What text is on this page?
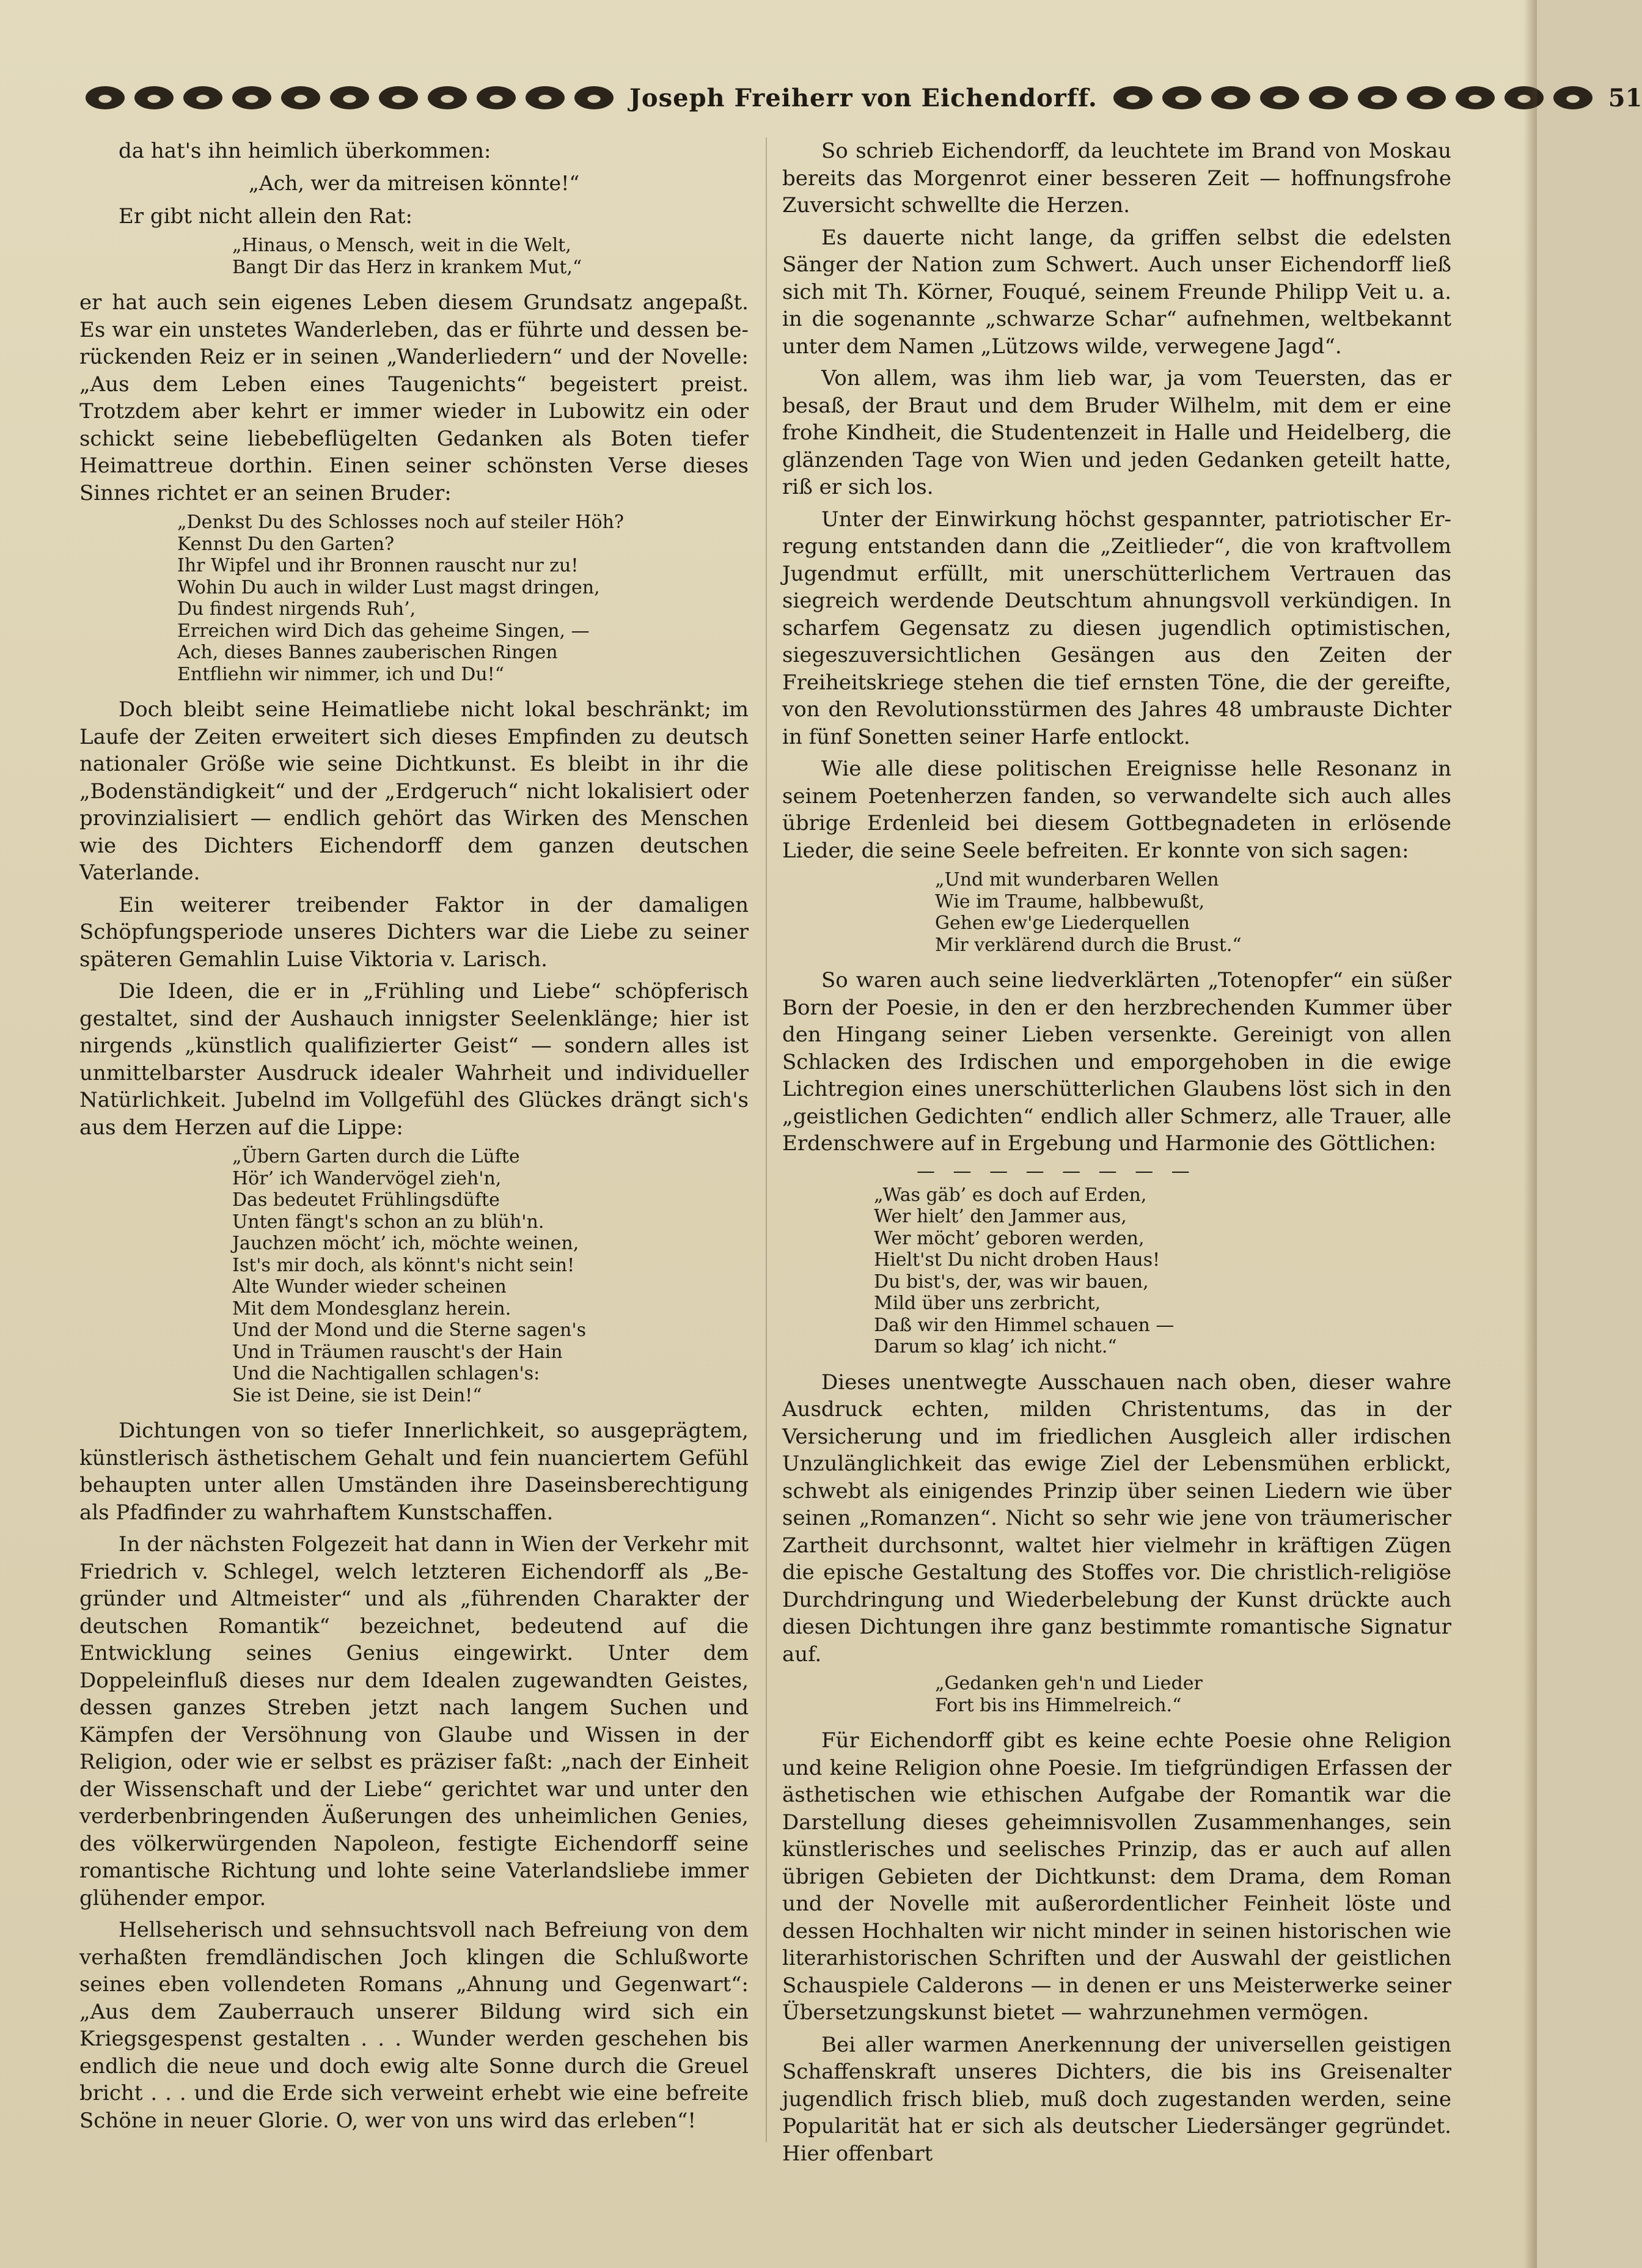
Joseph Freiherr von Eichendorff.	51

da hat's ihn heimlich überkommen:

„Ach, wer da mitreisen könnte!“

Er gibt nicht allein den Rat:

„Hinaus, o Mensch, weit in die Welt,
Bangt Dir das Herz in krankem Mut,“

er hat auch sein eigenes Leben diesem Grundsatz angepaßt. Es war ein unstetes Wanderleben, das er führte und dessen berückenden Reiz er in seinen „Wanderliedern“ und der Novelle: „Aus dem Leben eines Taugenichts“ begeistert preist. Trotzdem aber kehrt er immer wieder in Lubowitz ein oder schickt seine liebebeflügelten Gedanken als Boten tiefer Heimattreue dorthin. Einen seiner schönsten Verse dieses Sinnes richtet er an seinen Bruder:

„Denkst Du des Schlosses noch auf steiler Höh?
Kennst Du den Garten?
Ihr Wipfel und ihr Bronnen rauscht nur zu!
Wohin Du auch in wilder Lust magst dringen,
Du findest nirgends Ruh’,
Erreichen wird Dich das geheime Singen, —
Ach, dieses Bannes zauberischen Ringen
Entfliehn wir nimmer, ich und Du!“

Doch bleibt seine Heimatliebe nicht lokal beschränkt; im Laufe der Zeiten erweitert sich dieses Empfinden zu deutsch nationaler Größe wie seine Dichtkunst. Es bleibt in ihr die „Bodenständigkeit“ und der „Erdgeruch“ nicht lokalisiert oder provinzialisiert — endlich gehört das Wirken des Menschen wie des Dichters Eichendorff dem ganzen deutschen Vaterlande.

Ein weiterer treibender Faktor in der damaligen Schöpfungsperiode unseres Dichters war die Liebe zu seiner späteren Gemahlin Luise Viktoria v. Larisch.

Die Ideen, die er in „Frühling und Liebe“ schöpferisch gestaltet, sind der Aushauch innigster Seelenklänge; hier ist nirgends „künstlich qualifizierter Geist“ — sondern alles ist unmittelbarster Ausdruck idealer Wahrheit und individueller Natürlichkeit. Jubelnd im Vollgefühl des Glückes drängt sich's aus dem Herzen auf die Lippe:

„Übern Garten durch die Lüfte
Hör’ ich Wandervögel zieh'n,
Das bedeutet Frühlingsdüfte
Unten fängt's schon an zu blüh'n.
Jauchzen möcht’ ich, möchte weinen,
Ist's mir doch, als könnt's nicht sein!
Alte Wunder wieder scheinen
Mit dem Mondesglanz herein.
Und der Mond und die Sterne sagen's
Und in Träumen rauscht's der Hain
Und die Nachtigallen schlagen's:
Sie ist Deine, sie ist Dein!“

Dichtungen von so tiefer Innerlichkeit, so ausgeprägtem, künstlerisch ästhetischem Gehalt und fein nuanciertem Gefühl behaupten unter allen Umständen ihre Daseinsberechtigung als Pfadfinder zu wahrhaftem Kunstschaffen.

In der nächsten Folgezeit hat dann in Wien der Verkehr mit Friedrich v. Schlegel, welch letzteren Eichendorff als „Begründer und Altmeister“ und als „führenden Charakter der deutschen Romantik“ bezeichnet, bedeutend auf die Entwicklung seines Genius eingewirkt. Unter dem Doppeleinfluß dieses nur dem Idealen zugewandten Geistes, dessen ganzes Streben jetzt nach langem Suchen und Kämpfen der Versöhnung von Glaube und Wissen in der Religion, oder wie er selbst es präziser faßt: „nach der Einheit der Wissenschaft und der Liebe“ gerichtet war und unter den verderbenbringenden Äußerungen des unheimlichen Genies, des völkerwürgenden Napoleon, festigte Eichendorff seine romantische Richtung und lohte seine Vaterlandsliebe immer glühender empor.

Hellseherisch und sehnsuchtsvoll nach Befreiung von dem verhaßten fremdländischen Joch klingen die Schlußworte seines eben vollendeten Romans „Ahnung und Gegenwart“: „Aus dem Zauberrauch unserer Bildung wird sich ein Kriegsgespenst gestalten . . . Wunder werden geschehen bis endlich die neue und doch ewig alte Sonne durch die Greuel bricht . . . und die Erde sich verweint erhebt wie eine befreite Schöne in neuer Glorie. O, wer von uns wird das erleben“!

So schrieb Eichendorff, da leuchtete im Brand von Moskau bereits das Morgenrot einer besseren Zeit — hoffnungsfrohe Zuversicht schwellte die Herzen.

Es dauerte nicht lange, da griffen selbst die edelsten Sänger der Nation zum Schwert. Auch unser Eichendorff ließ sich mit Th. Körner, Fouqué, seinem Freunde Philipp Veit u. a. in die sogenannte „schwarze Schar“ aufnehmen, weltbekannt unter dem Namen „Lützows wilde, verwegene Jagd“.

Von allem, was ihm lieb war, ja vom Teuersten, das er besaß, der Braut und dem Bruder Wilhelm, mit dem er eine frohe Kindheit, die Studentenzeit in Halle und Heidelberg, die glänzenden Tage von Wien und jeden Gedanken geteilt hatte, riß er sich los.

Unter der Einwirkung höchst gespannter, patriotischer Erregung entstanden dann die „Zeitlieder“, die von kraftvollem Jugendmut erfüllt, mit unerschütterlichem Vertrauen das siegreich werdende Deutschtum ahnungsvoll verkündigen. In scharfem Gegensatz zu diesen jugendlich optimistischen, siegeszuversichtlichen Gesängen aus den Zeiten der Freiheitskriege stehen die tief ernsten Töne, die der gereifte, von den Revolutionsstürmen des Jahres 48 umbrauste Dichter in fünf Sonetten seiner Harfe entlockt.

Wie alle diese politischen Ereignisse helle Resonanz in seinem Poetenherzen fanden, so verwandelte sich auch alles übrige Erdenleid bei diesem Gottbegnadeten in erlösende Lieder, die seine Seele befreiten. Er konnte von sich sagen:

„Und mit wunderbaren Wellen
Wie im Traume, halbbewußt,
Gehen ew'ge Liederquellen
Mir verklärend durch die Brust.“

So waren auch seine liedverklärten „Totenopfer“ ein süßer Born der Poesie, in den er den herzbrechenden Kummer über den Hingang seiner Lieben versenkte. Gereinigt von allen Schlacken des Irdischen und emporgehoben in die ewige Lichtregion eines unerschütterlichen Glaubens löst sich in den „geistlichen Gedichten“ endlich aller Schmerz, alle Trauer, alle Erdenschwere auf in Ergebung und Harmonie des Göttlichen:

— — — — — — — —
„Was gäb’ es doch auf Erden,
Wer hielt’ den Jammer aus,
Wer möcht’ geboren werden,
Hielt'st Du nicht droben Haus!
Du bist's, der, was wir bauen,
Mild über uns zerbricht,
Daß wir den Himmel schauen —
Darum so klag’ ich nicht.“

Dieses unentwegte Ausschauen nach oben, dieser wahre Ausdruck echten, milden Christentums, das in der Versicherung und im friedlichen Ausgleich aller irdischen Unzulänglichkeit das ewige Ziel der Lebensmühen erblickt, schwebt als einigendes Prinzip über seinen Liedern wie über seinen „Romanzen“. Nicht so sehr wie jene von träumerischer Zartheit durchsonnt, waltet hier vielmehr in kräftigen Zügen die epische Gestaltung des Stoffes vor. Die christlich-religiöse Durchdringung und Wiederbelebung der Kunst drückte auch diesen Dichtungen ihre ganz bestimmte romantische Signatur auf.

„Gedanken geh'n und Lieder
Fort bis ins Himmelreich.“

Für Eichendorff gibt es keine echte Poesie ohne Religion und keine Religion ohne Poesie. Im tiefgründigen Erfassen der ästhetischen wie ethischen Aufgabe der Romantik war die Darstellung dieses geheimnisvollen Zusammenhanges, sein künstlerisches und seelisches Prinzip, das er auch auf allen übrigen Gebieten der Dichtkunst: dem Drama, dem Roman und der Novelle mit außerordentlicher Feinheit löste und dessen Hochhalten wir nicht minder in seinen historischen wie literarhistorischen Schriften und der Auswahl der geistlichen Schauspiele Calderons — in denen er uns Meisterwerke seiner Übersetzungskunst bietet — wahrzunehmen vermögen.

Bei aller warmen Anerkennung der universellen geistigen Schaffenskraft unseres Dichters, die bis ins Greisenalter jugendlich frisch blieb, muß doch zugestanden werden, seine Popularität hat er sich als deutscher Liedersänger gegründet. Hier offenbart
